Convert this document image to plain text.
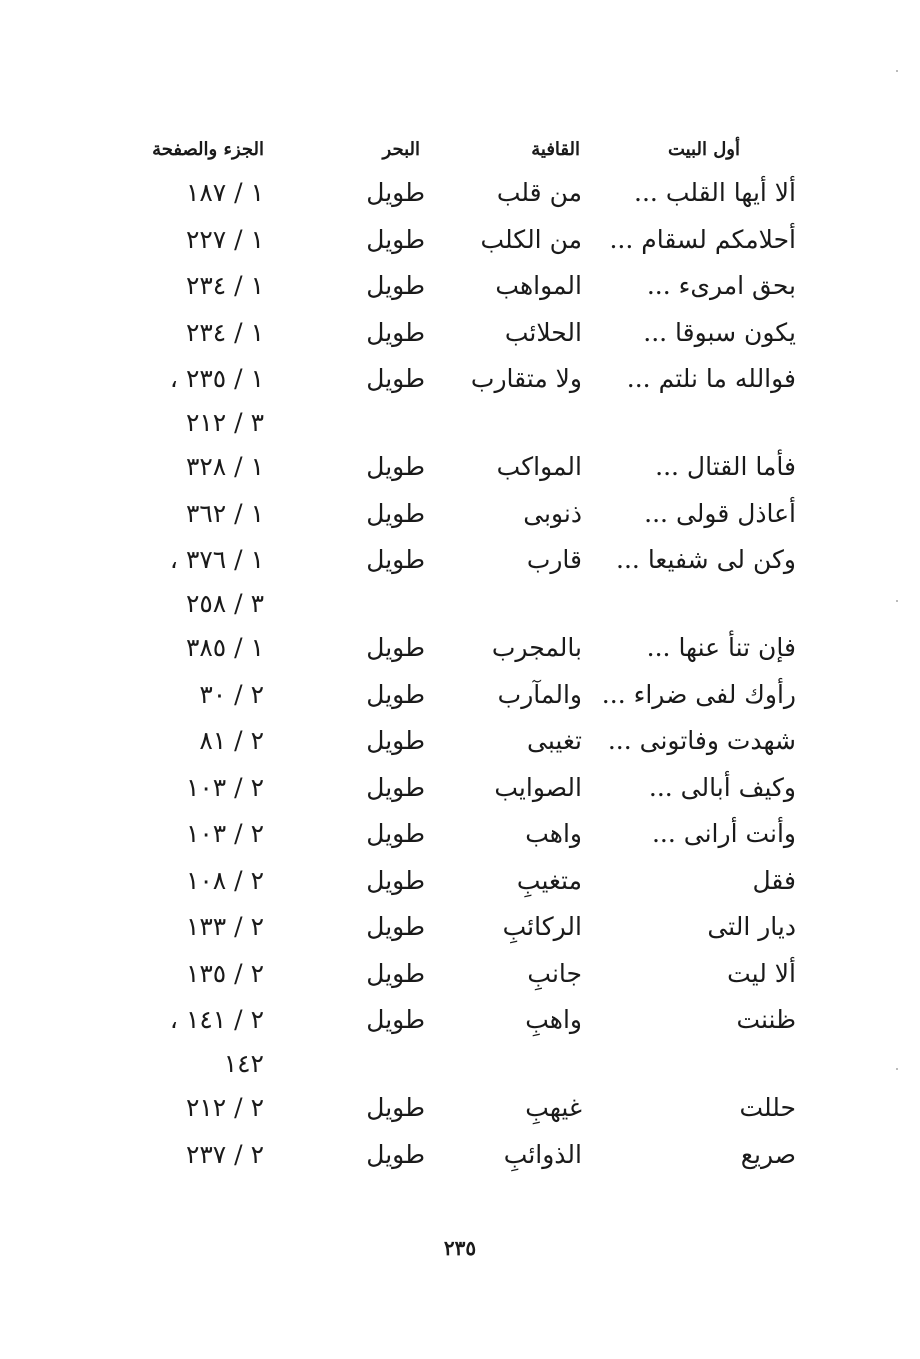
أول البيت
القافية
البحر
الجزء والصفحة
ألا أيها القلب ...
من قلب
طويل
١ / ١٨٧
أحلامكم لسقام ...
من الكلب
طويل
١ / ٢٢٧
بحق امرىء ...
المواهب
طويل
١ / ٢٣٤
يكون سبوقا ...
الحلائب
طويل
١ / ٢٣٤
فوالله ما نلتم ...
ولا متقارب
طويل
١ / ٢٣٥ ،
٣ / ٢١٢
فأما القتال ...
المواكب
طويل
١ / ٣٢٨
أعاذل قولى ...
ذنوبى
طويل
١ / ٣٦٢
وكن لى شفيعا ...
قارب
طويل
١ / ٣٧٦ ،
٣ / ٢٥٨
فإن تنأ عنها ...
بالمجرب
طويل
١ / ٣٨٥
رأوك لفى ضراء ...
والمآرب
طويل
٢ / ٣٠
شهدت وفاتونى ...
تغيبى
طويل
٢ / ٨١
وكيف أبالى ...
الصوايب
طويل
٢ / ١٠٣
وأنت أرانى ...
واهب
طويل
٢ / ١٠٣
فقل
متغيبِ
طويل
٢ / ١٠٨
ديار التى
الركائبِ
طويل
٢ / ١٣٣
ألا ليت
جانبِ
طويل
٢ / ١٣٥
ظننت
واهبِ
طويل
٢ / ١٤١ ،
١٤٢
حللت
غيهبِ
طويل
٢ / ٢١٢
صريع
الذوائبِ
طويل
٢ / ٢٣٧
٢٣٥
